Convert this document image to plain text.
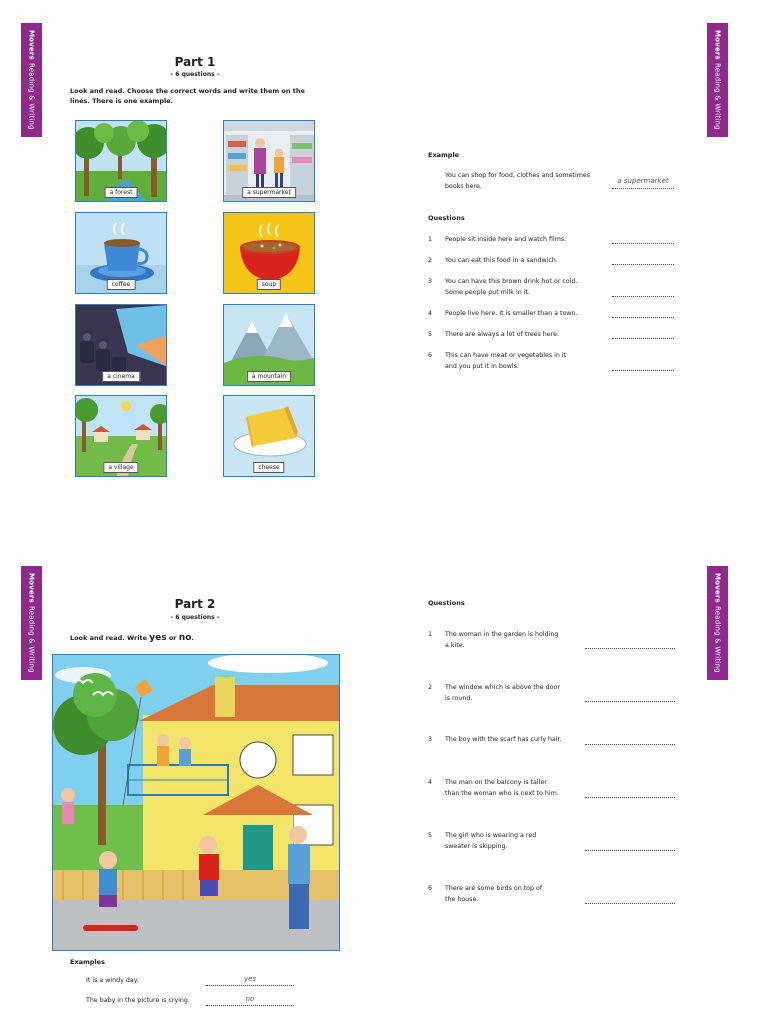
Movers
Reading & Writing
Movers
Reading & Writing
Movers
Reading & Writing
Movers
Reading & Writing
Part 1
– 6 questions –
Look and read. Choose the correct words and write them on the
lines. There is one example.
a forest	a supermarket
coffee	soup
a cinema	a mountain
a village	cheese
Example
You can shop for food, clothes and sometimes
books here.
a supermarket
Questions
1	People sit inside here and watch films.
2	You can eat this food in a sandwich.
3	You can have this brown drink hot or cold.
Some people put milk in it.
4	People live here. It is smaller than a town.
5	There are always a lot of trees here.
6	This can have meat or vegetables in it
and you put it in bowls.
Part 2
– 6 questions –
Look and read. Write yes or no.
Examples
It is a windy day.	yes
The baby in the picture is crying.	no
Questions
1	The woman in the garden is holding
a kite.
2	The window which is above the door
is round.
3	The boy with the scarf has curly hair.
4	The man on the balcony is taller
than the woman who is next to him.
5	The girl who is wearing a red
sweater is skipping.
6	There are some birds on top of
the house.
